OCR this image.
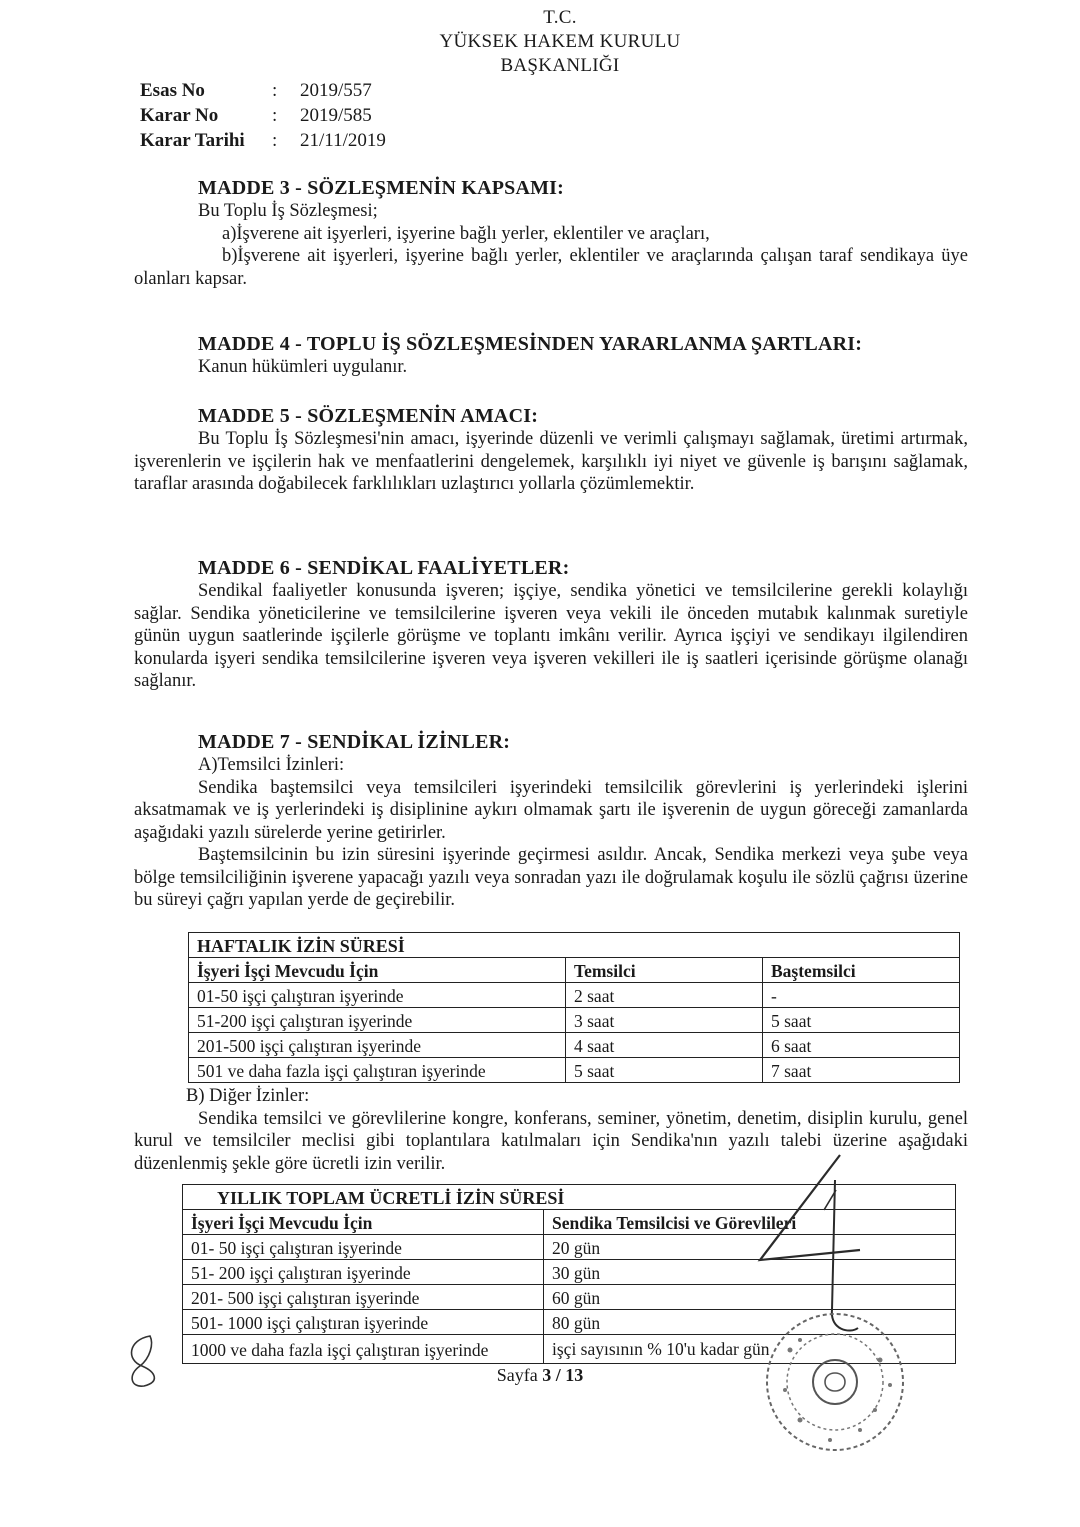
T.C.
YÜKSEK HAKEM KURULU
BAŞKANLIĞI
Esas No	:	2019/557
Karar No	:	2019/585
Karar Tarihi	:	21/11/2019
MADDE 3 - SÖZLEŞMENİN KAPSAMI:
Bu Toplu İş Sözleşmesi;
a)İşverene ait işyerleri, işyerine bağlı yerler, eklentiler ve araçları,
b)İşverene ait işyerleri, işyerine bağlı yerler, eklentiler ve araçlarında çalışan taraf sendikaya üye olanları kapsar.
MADDE 4 - TOPLU İŞ SÖZLEŞMESİNDEN YARARLANMA ŞARTLARI:
Kanun hükümleri uygulanır.
MADDE 5 - SÖZLEŞMENİN AMACI:
Bu Toplu İş Sözleşmesi'nin amacı, işyerinde düzenli ve verimli çalışmayı sağlamak, üretimi artırmak, işverenlerin ve işçilerin hak ve menfaatlerini dengelemek, karşılıklı iyi niyet ve güvenle iş barışını sağlamak, taraflar arasında doğabilecek farklılıkları uzlaştırıcı yollarla çözümlemektir.
MADDE 6 - SENDİKAL FAALİYETLER:
Sendikal faaliyetler konusunda işveren; işçiye, sendika yönetici ve temsilcilerine gerekli kolaylığı sağlar. Sendika yöneticilerine ve temsilcilerine işveren veya vekili ile önceden mutabık kalınmak suretiyle günün uygun saatlerinde işçilerle görüşme ve toplantı imkânı verilir. Ayrıca işçiyi ve sendikayı ilgilendiren konularda işyeri sendika temsilcilerine işveren veya işveren vekilleri ile iş saatleri içerisinde görüşme olanağı sağlanır.
MADDE 7 - SENDİKAL İZİNLER:
A)Temsilci İzinleri:
Sendika baştemsilci veya temsilcileri işyerindeki temsilcilik görevlerini iş yerlerindeki işlerini aksatmamak ve iş yerlerindeki iş disiplinine aykırı olmamak şartı ile işverenin de uygun göreceği zamanlarda aşağıdaki yazılı sürelerde yerine getirirler.
Baştemsilcinin bu izin süresini işyerinde geçirmesi asıldır. Ancak, Sendika merkezi veya şube veya bölge temsilciliğinin işverene yapacağı yazılı veya sonradan yazı ile doğrulamak koşulu ile sözlü çağrısı üzerine bu süreyi çağrı yapılan yerde de geçirebilir.
HAFTALIK İZİN SÜRESİ		
İşyeri İşçi Mevcudu İçin	Temsilci	Baştemsilci
01-50 işçi çalıştıran işyerinde	2 saat	-
51-200 işçi çalıştıran işyerinde	3 saat	5 saat
201-500 işçi çalıştıran işyerinde	4 saat	6 saat
501 ve daha fazla işçi çalıştıran işyerinde	5 saat	7 saat
B) Diğer İzinler:
Sendika temsilci ve görevlilerine kongre, konferans, seminer, yönetim, denetim, disiplin kurulu, genel kurul ve temsilciler meclisi gibi toplantılara katılmaları için Sendika'nın yazılı talebi üzerine aşağıdaki düzenlenmiş şekle göre ücretli izin verilir.
YILLIK TOPLAM ÜCRETLİ İZİN SÜRESİ	
İşyeri İşçi Mevcudu İçin	Sendika Temsilcisi ve Görevlileri
01- 50 işçi çalıştıran işyerinde	20 gün
51- 200 işçi çalıştıran işyerinde	30 gün
201- 500 işçi çalıştıran işyerinde	60 gün
501- 1000 işçi çalıştıran işyerinde	80 gün
1000 ve daha fazla işçi çalıştıran işyerinde	işçi sayısının % 10'u kadar gün
Sayfa 3 / 13
